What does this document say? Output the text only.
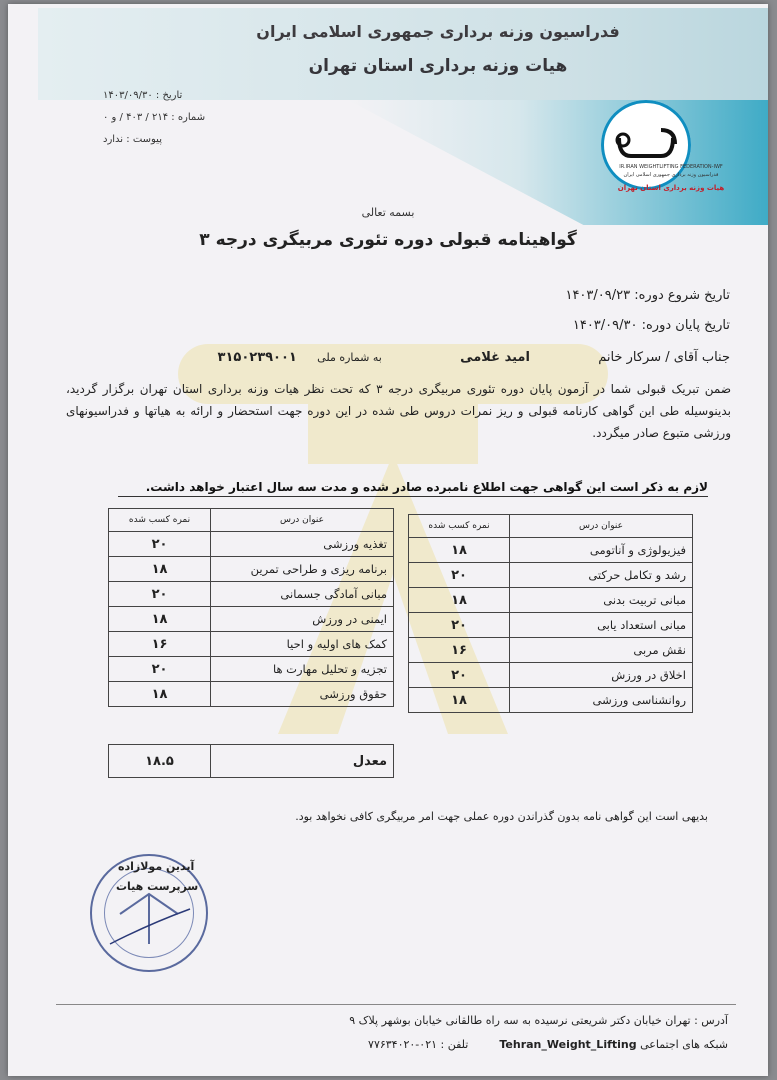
فدراسیون وزنه برداری جمهوری اسلامی ایران
هیات وزنه برداری استان تهران
IR.IRAN WEIGHTLIFTING FEDERATION-IWF
فدراسیون وزنه برداری جمهوری اسلامی ایران
هیات وزنه برداری استان تهران
تاریخ : ۱۴۰۳/۰۹/۳۰
شماره : ۲۱۴ / ۴۰۳ / و ۰
پیوست : ندارد
بسمه تعالی
گواهینامه قبولی دوره تئوری مربیگری درجه ۳
تاریخ شروع دوره: ۱۴۰۳/۰۹/۲۳
تاریخ پایان دوره: ۱۴۰۳/۰۹/۳۰
جناب آقای / سرکار خانم  امید غلامی  به شماره ملی  ۳۱۵۰۲۳۹۰۰۱
ضمن تبریک قبولی شما در آزمون پایان دوره تئوری مربیگری درجه ۳ که تحت نظر هیات وزنه برداری استان تهران برگزار گردید، بدینوسیله طی این گواهی کارنامه قبولی و ریز نمرات دروس طی شده در این دوره جهت استحضار و ارائه به هیاتها و فدراسیونهای ورزشی متبوع صادر میگردد.
لازم به ذکر است این گواهی جهت اطلاع نامبرده صادر شده و مدت سه سال اعتبار خواهد داشت.
عنوان درس	نمره کسب شده
فیزیولوژی و آناتومی	۱۸
رشد و تکامل حرکتی	۲۰
مبانی تربیت بدنی	۱۸
مبانی استعداد یابی	۲۰
نقش مربی	۱۶
اخلاق در ورزش	۲۰
روانشناسی ورزشی	۱۸
عنوان درس	نمره کسب شده
تغذیه ورزشی	۲۰
برنامه ریزی و طراحی تمرین	۱۸
مبانی آمادگی جسمانی	۲۰
ایمنی در ورزش	۱۸
کمک های اولیه و احیا	۱۶
تجزیه و تحلیل مهارت ها	۲۰
حقوق ورزشی	۱۸
معدل	۱۸.۵
بدیهی است این گواهی نامه بدون گذراندن دوره عملی جهت امر مربیگری کافی نخواهد بود.
آیدین مولازاده
سرپرست هیات
آدرس : تهران خیابان دکتر شریعتی نرسیده به سه راه طالقانی خیابان بوشهر پلاک ۹
شبکه های اجتماعی Tehran_Weight_Lifting  تلفن : ۰۲۱-۷۷۶۳۴۰۲۰
